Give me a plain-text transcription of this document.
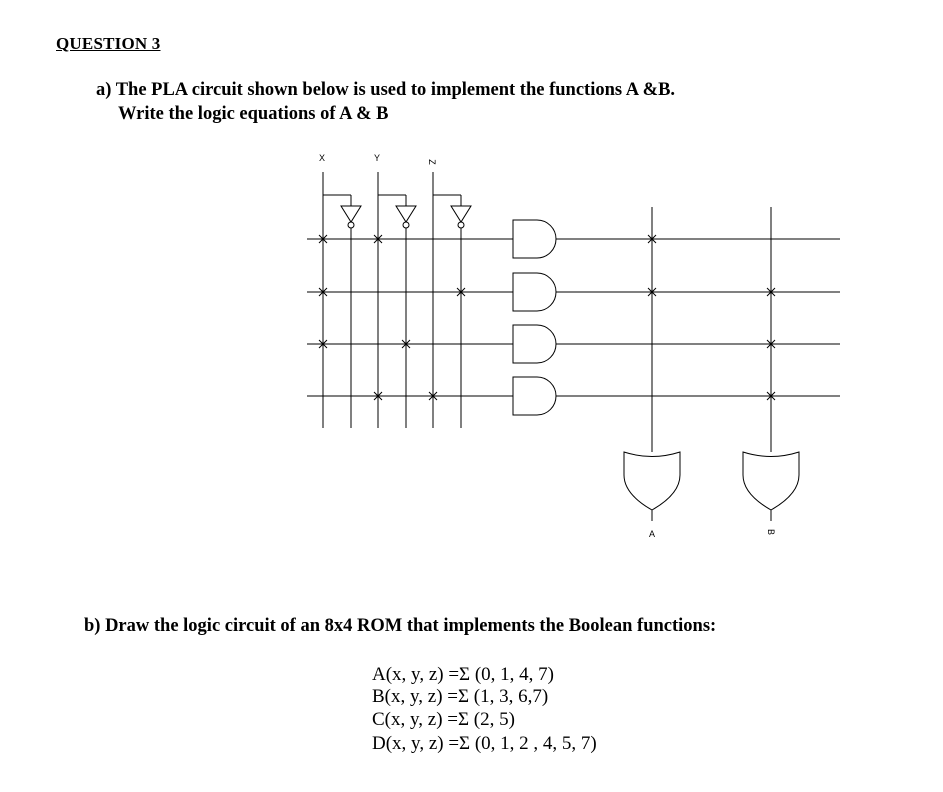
QUESTION 3
a) The PLA circuit shown below is used to implement the functions A &B.
Write the logic equations of A & B
X	Y	Z
A	B
b) Draw the logic circuit of an 8x4 ROM that implements the Boolean functions:
A(x, y, z) =Σ (0, 1, 4, 7)
B(x, y, z) =Σ (1, 3, 6,7)
C(x, y, z) =Σ (2, 5)
D(x, y, z) =Σ (0, 1, 2 , 4, 5, 7)
